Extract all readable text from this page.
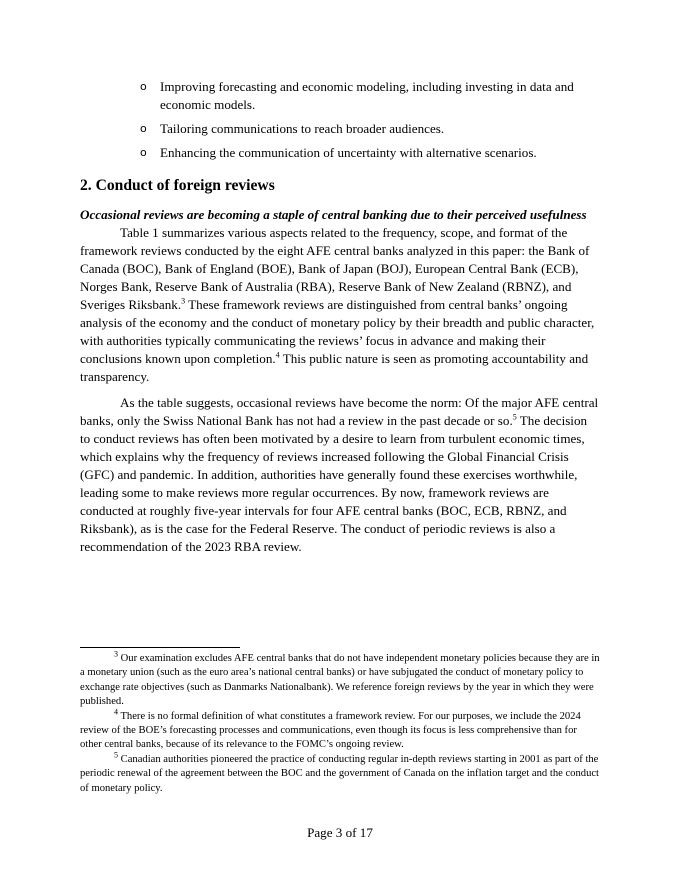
o Improving forecasting and economic modeling, including investing in data and economic models.
o Tailoring communications to reach broader audiences.
o Enhancing the communication of uncertainty with alternative scenarios.
2. Conduct of foreign reviews

Occasional reviews are becoming a staple of central banking due to their perceived usefulness

Table 1 summarizes various aspects related to the frequency, scope, and format of the framework reviews conducted by the eight AFE central banks analyzed in this paper: the Bank of Canada (BOC), Bank of England (BOE), Bank of Japan (BOJ), European Central Bank (ECB), Norges Bank, Reserve Bank of Australia (RBA), Reserve Bank of New Zealand (RBNZ), and Sveriges Riksbank.$^3$ These framework reviews are distinguished from central banks’ ongoing analysis of the economy and the conduct of monetary policy by their breadth and public character, with authorities typically communicating the reviews’ focus in advance and making their conclusions known upon completion.$^4$ This public nature is seen as promoting accountability and transparency.

As the table suggests, occasional reviews have become the norm: Of the major AFE central banks, only the Swiss National Bank has not had a review in the past decade or so.$^5$ The decision to conduct reviews has often been motivated by a desire to learn from turbulent economic times, which explains why the frequency of reviews increased following the Global Financial Crisis (GFC) and pandemic. In addition, authorities have generally found these exercises worthwhile, leading some to make reviews more regular occurrences. By now, framework reviews are conducted at roughly five-year intervals for four AFE central banks (BOC, ECB, RBNZ, and Riksbank), as is the case for the Federal Reserve. The conduct of periodic reviews is also a recommendation of the 2023 RBA review.

$^3$ Our examination excludes AFE central banks that do not have independent monetary policies because they are in a monetary union (such as the euro area’s national central banks) or have subjugated the conduct of monetary policy to exchange rate objectives (such as Danmarks Nationalbank). We reference foreign reviews by the year in which they were published.

$^4$ There is no formal definition of what constitutes a framework review. For our purposes, we include the 2024 review of the BOE’s forecasting processes and communications, even though its focus is less comprehensive than for other central banks, because of its relevance to the FOMC’s ongoing review.

$^5$ Canadian authorities pioneered the practice of conducting regular in-depth reviews starting in 2001 as part of the periodic renewal of the agreement between the BOC and the government of Canada on the inflation target and the conduct of monetary policy.

Page 3 of 17
